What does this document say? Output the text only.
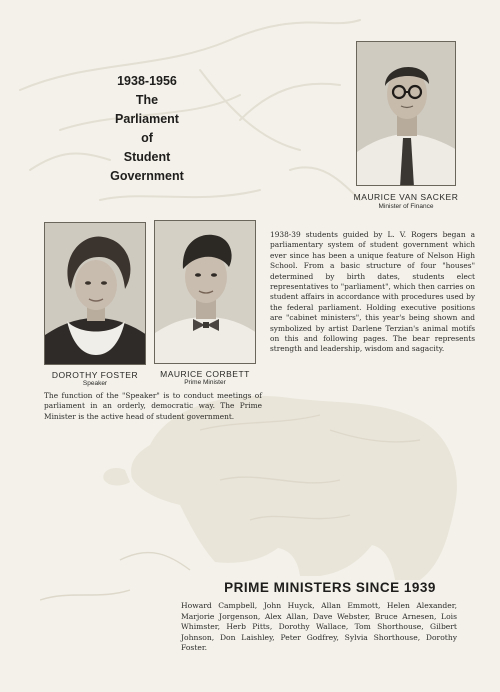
1938-1956
The
Parliament
of
Student
Government
MAURICE VAN SACKER
Minister of Finance
DOROTHY FOSTER
Speaker
MAURICE CORBETT
Prime Minister
1938-39 students guided by L. V. Rogers began a parliamentary system of student government which ever since has been a unique feature of Nelson High School. From a basic structure of four "houses" determined by birth dates, students elect representatives to "parliament", which then carries on student affairs in accordance with procedures used by the federal parliament. Holding executive positions are "cabinet ministers", this year's being shown and symbolized by artist Darlene Terzian's animal motifs on this and following pages. The bear represents strength and leadership, wisdom and sagacity.
The function of the "Speaker" is to conduct meetings of parliament in an orderly, democratic way. The Prime Minister is the active head of student government.
PRIME MINISTERS SINCE 1939
Howard Campbell, John Huyck, Allan Emmott, Helen Alexander, Marjorie Jorgenson, Alex Allan, Dave Webster, Bruce Arnesen, Lois Whimster, Herb Pitts, Dorothy Wallace, Tom Shorthouse, Gilbert Johnson, Don Laishley, Peter Godfrey, Sylvia Shorthouse, Dorothy Foster.
